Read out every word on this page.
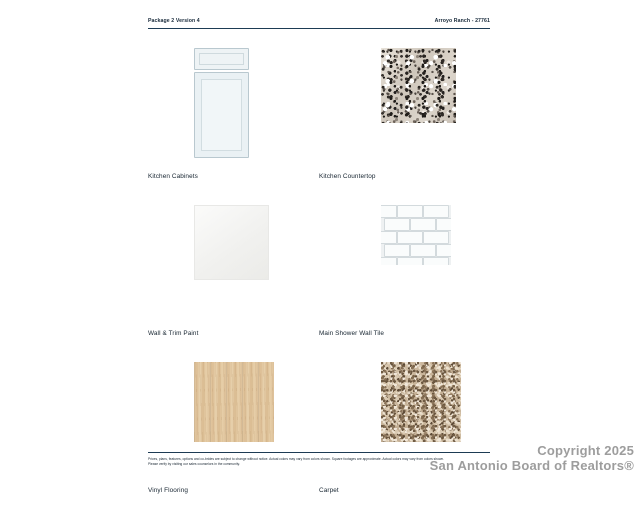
Package 2 Version 4	Arroyo Ranch - 27761
Kitchen Cabinets	Kitchen Countertop
Wall & Trim Paint	Main Shower Wall Tile
Vinyl Flooring	Carpet
Prices, plans, features, options and co-brides are subject to change without notice. Actual colors may vary from colors shown. Square footages are approximate. Actual colors may vary from colors shown. Please verify by visiting our sales counselors in the community.
Copyright 2025
San Antonio Board of Realtors®
